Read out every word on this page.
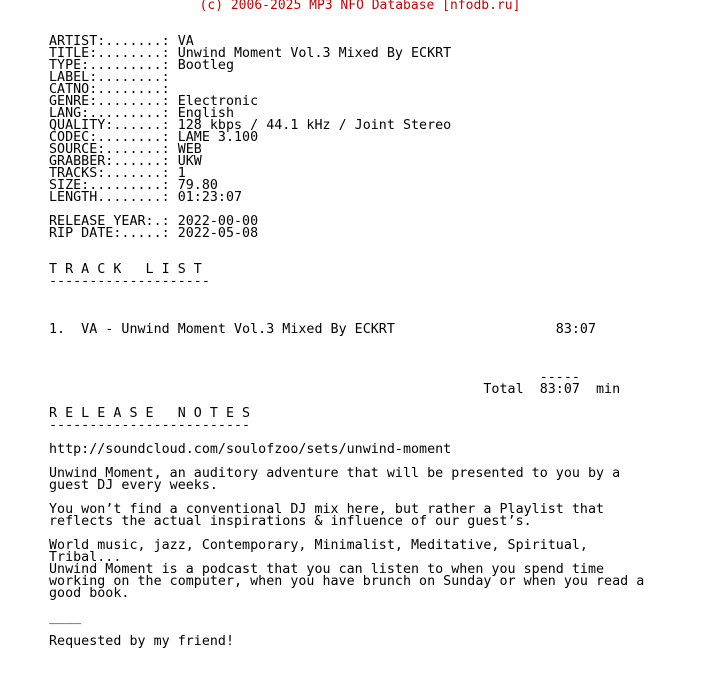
(c) 2006-2025 MP3 NFO Database [nfodb.ru]
ARTIST:.......: VA
TITLE:........: Unwind Moment Vol.3 Mixed By ECKRT
TYPE:.........: Bootleg
LABEL:........:
CATNO:........:
GENRE:........: Electronic
LANG:.........: English
QUALITY:......: 128 kbps / 44.1 kHz / Joint Stereo
CODEC:........: LAME 3.100
SOURCE:.......: WEB
GRABBER:......: UKW
TRACKS:.......: 1
SIZE:.........: 79.80
LENGTH........: 01:23:07

RELEASE YEAR:.: 2022-00-00
RIP DATE:.....: 2022-05-08

T R A C K   L I S T
--------------------

1.  VA - Unwind Moment Vol.3 Mixed By ECKRT                    83:07

-----
Total  83:07  min

R E L E A S E   N O T E S
-------------------------

http://soundcloud.com/soulofzoo/sets/unwind-moment

Unwind Moment, an auditory adventure that will be presented to you by a
guest DJ every weeks.

You won’t find a conventional DJ mix here, but rather a Playlist that
reflects the actual inspirations & influence of our guest’s.

World music, jazz, Contemporary, Minimalist, Meditative, Spiritual,
Tribal...
Unwind Moment is a podcast that you can listen to when you spend time
working on the computer, when you have brunch on Sunday or when you read a
good book.

____

Requested by my friend!
